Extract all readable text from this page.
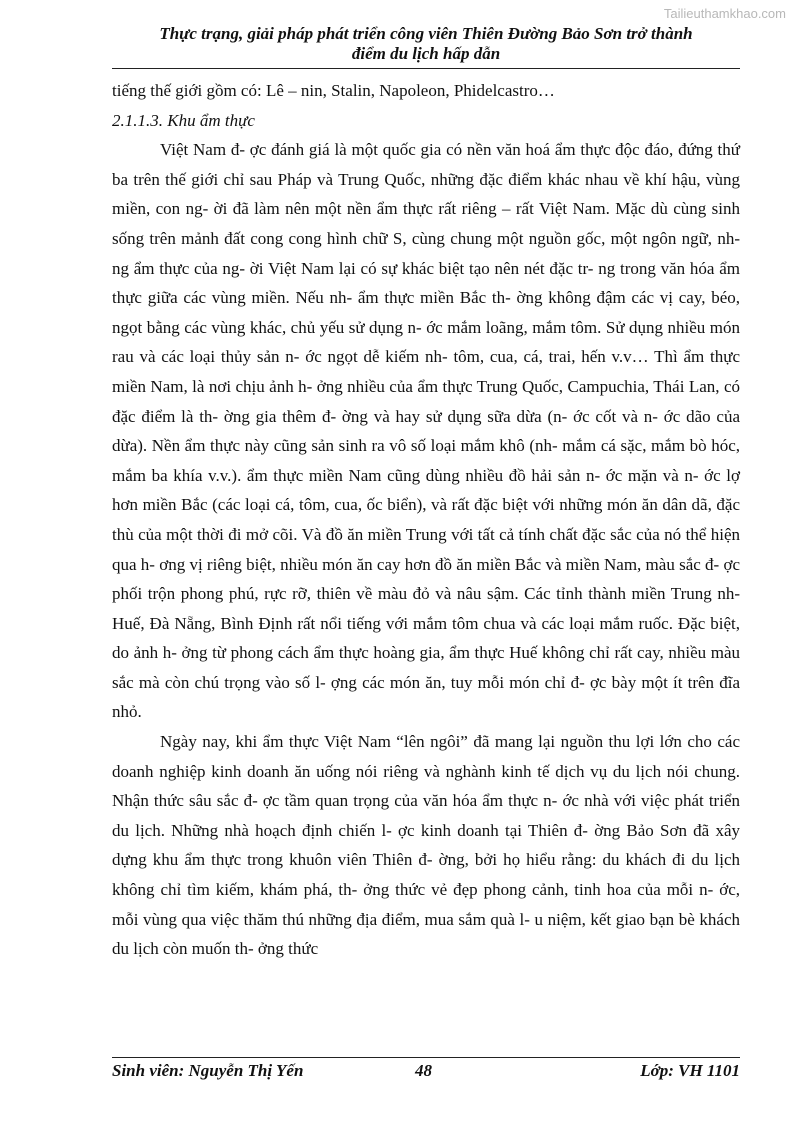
Tailieuthamkhao.com
Thực trạng, giải pháp phát triển công viên Thiên Đường Bảo Sơn trở thành
điểm du lịch hấp dẫn

tiếng thế giới gồm có: Lê – nin, Stalin, Napoleon, Phidelcastro…

2.1.1.3. Khu ẩm thực

Việt Nam đ- ợc đánh giá là một quốc gia có nền văn hoá ẩm thực độc đáo, đứng thứ ba trên thế giới chỉ sau Pháp và Trung Quốc, những đặc điểm khác nhau về khí hậu, vùng miền, con ng- ời đã làm nên một nền ẩm thực rất riêng – rất Việt Nam. Mặc dù cùng sinh sống trên mảnh đất cong cong hình chữ S, cùng chung một nguồn gốc, một ngôn ngữ, nh- ng ẩm thực của ng- ời Việt Nam lại có sự khác biệt tạo nên nét đặc tr- ng trong văn hóa ẩm thực giữa các vùng miền. Nếu nh- ẩm thực miền Bắc th- ờng không đậm các vị cay, béo, ngọt bằng các vùng khác, chủ yếu sử dụng n- ớc mắm loãng, mắm tôm. Sử dụng nhiều món rau và các loại thủy sản n- ớc ngọt dễ kiếm nh- tôm, cua, cá, trai, hến v.v… Thì ẩm thực miền Nam, là nơi chịu ảnh h- ởng nhiều của ẩm thực Trung Quốc, Campuchia, Thái Lan, có đặc điểm là th- ờng gia thêm đ- ờng và hay sử dụng sữa dừa (n- ớc cốt và n- ớc dão của dừa). Nền ẩm thực này cũng sản sinh ra vô số loại mắm khô (nh- mắm cá sặc, mắm bò hóc, mắm ba khía v.v.). ẩm thực miền Nam cũng dùng nhiều đồ hải sản n- ớc mặn và n- ớc lợ hơn miền Bắc (các loại cá, tôm, cua, ốc biển), và rất đặc biệt với những món ăn dân dã, đặc thù của một thời đi mở cõi. Và đồ ăn miền Trung với tất cả tính chất đặc sắc của nó thể hiện qua h- ơng vị riêng biệt, nhiều món ăn cay hơn đồ ăn miền Bắc và miền Nam, màu sắc đ- ợc phối trộn phong phú, rực rỡ, thiên về màu đỏ và nâu sậm. Các tỉnh thành miền Trung nh- Huế, Đà Nẵng, Bình Định rất nổi tiếng với mắm tôm chua và các loại mắm ruốc. Đặc biệt, do ảnh h- ởng từ phong cách ẩm thực hoàng gia, ẩm thực Huế không chỉ rất cay, nhiều màu sắc mà còn chú trọng vào số l- ợng các món ăn, tuy mỗi món chỉ đ- ợc bày một ít trên đĩa nhỏ.

Ngày nay, khi ẩm thực Việt Nam “lên ngôi” đã mang lại nguồn thu lợi lớn cho các doanh nghiệp kinh doanh ăn uống nói riêng và nghành kinh tế dịch vụ du lịch nói chung. Nhận thức sâu sắc đ- ợc tầm quan trọng của văn hóa ẩm thực n- ớc nhà với việc phát triển du lịch. Những nhà hoạch định chiến l- ợc kinh doanh tại Thiên đ- ờng Bảo Sơn đã xây dựng khu ẩm thực trong khuôn viên Thiên đ- ờng, bởi họ hiểu rằng: du khách đi du lịch không chỉ tìm kiếm, khám phá, th- ởng thức vẻ đẹp phong cảnh, tinh hoa của mỗi n- ớc, mỗi vùng qua việc thăm thú những địa điểm, mua sắm quà l- u niệm, kết giao bạn bè khách du lịch còn muốn th- ởng thức

Sinh viên: Nguyễn Thị Yến	48	Lớp: VH 1101
